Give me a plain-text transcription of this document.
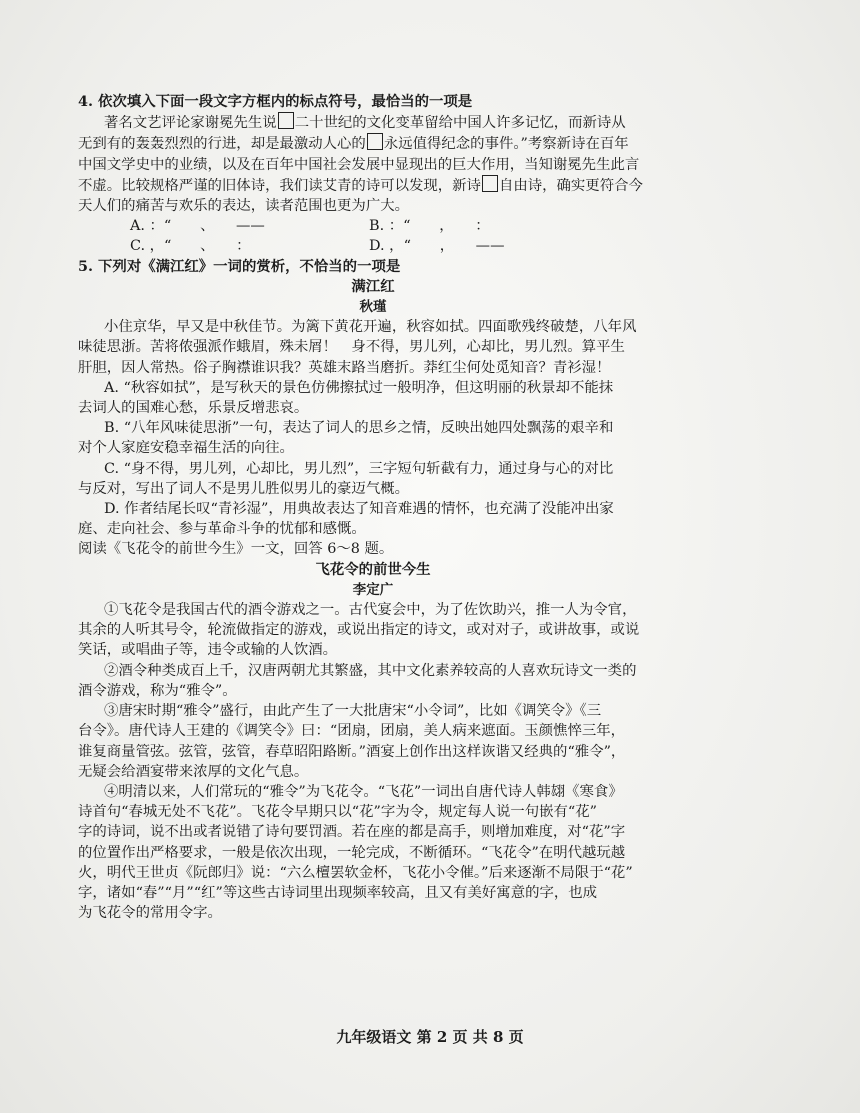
4. 依次填入下面一段文字方框内的标点符号，最恰当的一项是
著名文艺评论家谢冕先生说 二十世纪的文化变革留给中国人许多记忆，而新诗从
无到有的轰轰烈烈的行进，却是最激动人心的 永远值得纪念的事件。”考察新诗在百年
中国文学史中的业绩，以及在百年中国社会发展中显现出的巨大作用，当知谢冕先生此言
不虚。比较规格严谨的旧体诗，我们读艾青的诗可以发现，新诗 自由诗，确实更符合今
天人们的痛苦与欢乐的表达，读者范围也更为广大。
A. ：“　　、　　——	B. ：“　　，　　：
C. ，“　　、　　：	D. ，“　　，　　——
5. 下列对《满江红》一词的赏析，不恰当的一项是
满江红
秋瑾
小住京华，早又是中秋佳节。为篱下黄花开遍，秋容如拭。四面歌残终破楚，八年风
味徒思浙。苦将侬强派作蛾眉，殊未屑！　身不得，男儿列，心却比，男儿烈。算平生
肝胆，因人常热。俗子胸襟谁识我？英雄末路当磨折。莽红尘何处觅知音？青衫湿！
A. “秋容如拭”，是写秋天的景色仿佛擦拭过一般明净，但这明丽的秋景却不能抹
去词人的国难心愁，乐景反增悲哀。
B. “八年风味徒思浙”一句，表达了词人的思乡之情，反映出她四处飘荡的艰辛和
对个人家庭安稳幸福生活的向往。
C. “身不得，男儿列，心却比，男儿烈”，三字短句斩截有力，通过身与心的对比
与反对，写出了词人不是男儿胜似男儿的豪迈气概。
D. 作者结尾长叹“青衫湿”，用典故表达了知音难遇的情怀，也充满了没能冲出家
庭、走向社会、参与革命斗争的忧郁和感慨。
阅读《飞花令的前世今生》一文，回答 6～8 题。
飞花令的前世今生
李定广
①飞花令是我国古代的酒令游戏之一。古代宴会中，为了佐饮助兴，推一人为令官，
其余的人听其号令，轮流做指定的游戏，或说出指定的诗文，或对对子，或讲故事，或说
笑话，或唱曲子等，违令或输的人饮酒。
②酒令种类成百上千，汉唐两朝尤其繁盛，其中文化素养较高的人喜欢玩诗文一类的
酒令游戏，称为“雅令”。
③唐宋时期“雅令”盛行，由此产生了一大批唐宋“小令词”，比如《调笑令》《三
台令》。唐代诗人王建的《调笑令》曰：“团扇，团扇，美人病来遮面。玉颜憔悴三年，
谁复商量管弦。弦管，弦管，春草昭阳路断。”酒宴上创作出这样诙谐又经典的“雅令”，
无疑会给酒宴带来浓厚的文化气息。
④明清以来，人们常玩的“雅令”为飞花令。“飞花”一词出自唐代诗人韩翃《寒食》
诗首句“春城无处不飞花”。飞花令早期只以“花”字为令，规定每人说一句嵌有“花”
字的诗词，说不出或者说错了诗句要罚酒。若在座的都是高手，则增加难度，对“花”字
的位置作出严格要求，一般是依次出现，一轮完成，不断循环。“飞花令”在明代越玩越
火，明代王世贞《阮郎归》说：“六么檀罢软金杯，飞花小令催。”后来逐渐不局限于“花”
字，诸如“春”“月”“红”等这些古诗词里出现频率较高，且又有美好寓意的字，也成
为飞花令的常用令字。
九年级语文 第 2 页 共 8 页
